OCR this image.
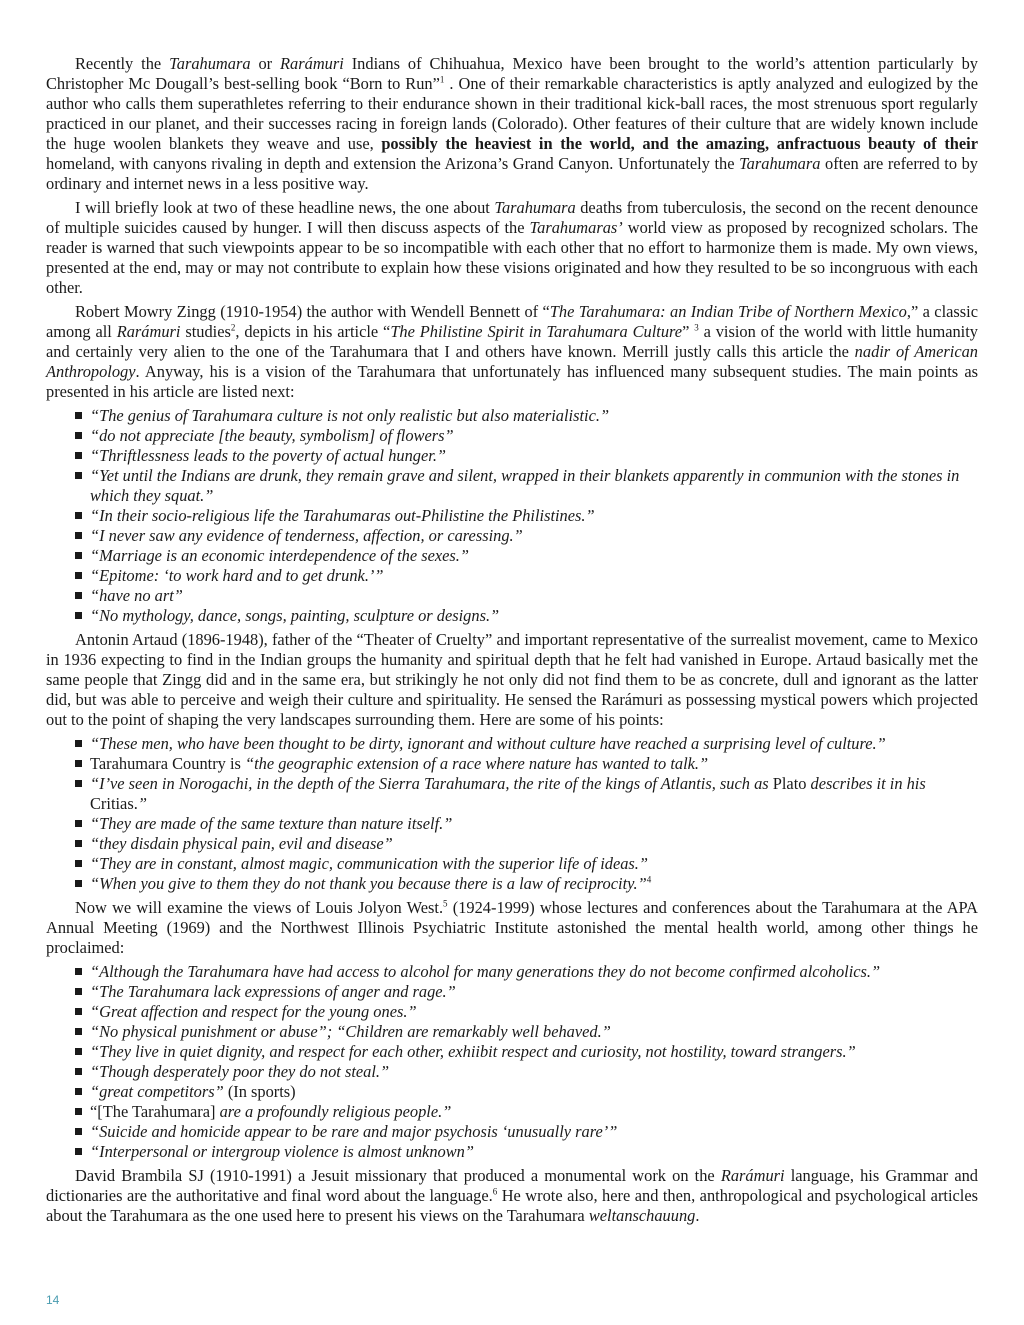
Recently the Tarahumara or Rarámuri Indians of Chihuahua, Mexico have been brought to the world’s attention particularly by Christopher Mc Dougall’s best-selling book “Born to Run”$^1$ . One of their remarkable characteristics is aptly analyzed and eulogized by the author who calls them superathletes referring to their endurance shown in their traditional kick-ball races, the most strenuous sport regularly practiced in our planet, and their successes racing in foreign lands (Colorado). Other features of their culture that are widely known include the huge woolen blankets they weave and use, possibly the heaviest in the world, and the amazing, anfractuous beauty of their homeland, with canyons rivaling in depth and extension the Arizona’s Grand Canyon. Unfortunately the Tarahumara often are referred to by ordinary and internet news in a less positive way.

I will briefly look at two of these headline news, the one about Tarahumara deaths from tuberculosis, the second on the recent denounce of multiple suicides caused by hunger. I will then discuss aspects of the Tarahumaras’ world view as proposed by recognized scholars. The reader is warned that such viewpoints appear to be so incompatible with each other that no effort to harmonize them is made. My own views, presented at the end, may or may not contribute to explain how these visions originated and how they resulted to be so incongruous with each other.

Robert Mowry Zingg (1910-1954) the author with Wendell Bennett of “The Tarahumara: an Indian Tribe of Northern Mexico,” a classic among all Rarámuri studies$^2$, depicts in his article “The Philistine Spirit in Tarahumara Culture” $^3$ a vision of the world with little humanity and certainly very alien to the one of the Tarahumara that I and others have known. Merrill justly calls this article the nadir of American Anthropology. Anyway, his is a vision of the Tarahumara that unfortunately has influenced many subsequent studies. The main points as presented in his article are listed next:

“The genius of Tarahumara culture is not only realistic but also materialistic.”
“do not appreciate [the beauty, symbolism] of flowers”
“Thriftlessness leads to the poverty of actual hunger.”
“Yet until the Indians are drunk, they remain grave and silent, wrapped in their blankets apparently in communion with the stones in which they squat.”
“In their socio-religious life the Tarahumaras out-Philistine the Philistines.”
“I never saw any evidence of tenderness, affection, or caressing.”
“Marriage is an economic interdependence of the sexes.”
“Epitome: ‘to work hard and to get drunk.’”
“have no art”
“No mythology, dance, songs, painting, sculpture or designs.”

Antonin Artaud (1896-1948), father of the “Theater of Cruelty” and important representative of the surrealist movement, came to Mexico in 1936 expecting to find in the Indian groups the humanity and spiritual depth that he felt had vanished in Europe. Artaud basically met the same people that Zingg did and in the same era, but strikingly he not only did not find them to be as concrete, dull and ignorant as the latter did, but was able to perceive and weigh their culture and spirituality. He sensed the Rarámuri as possessing mystical powers which projected out to the point of shaping the very landscapes surrounding them. Here are some of his points:

“These men, who have been thought to be dirty, ignorant and without culture have reached a surprising level of culture.”
Tarahumara Country is “the geographic extension of a race where nature has wanted to talk.”
“I’ve seen in Norogachi, in the depth of the Sierra Tarahumara, the rite of the kings of Atlantis, such as Plato describes it in his Critias.”
“They are made of the same texture than nature itself.”
“they disdain physical pain, evil and disease”
“They are in constant, almost magic, communication with the superior life of ideas.”
“When you give to them they do not thank you because there is a law of reciprocity.”$^4$

Now we will examine the views of Louis Jolyon West.$^5$ (1924-1999) whose lectures and conferences about the Tarahumara at the APA Annual Meeting (1969) and the Northwest Illinois Psychiatric Institute astonished the mental health world, among other things he proclaimed:

“Although the Tarahumara have had access to alcohol for many generations they do not become confirmed alcoholics.”
“The Tarahumara lack expressions of anger and rage.”
“Great affection and respect for the young ones.”
“No physical punishment or abuse”; “Children are remarkably well behaved.”
“They live in quiet dignity, and respect for each other, exhiibit respect and curiosity, not hostility, toward strangers.”
“Though desperately poor they do not steal.”
“great competitors” (In sports)
“[The Tarahumara] are a profoundly religious people.”
“Suicide and homicide appear to be rare and major psychosis ‘unusually rare’”
“Interpersonal or intergroup violence is almost unknown”

David Brambila SJ (1910-1991) a Jesuit missionary that produced a monumental work on the Rarámuri language, his Grammar and dictionaries are the authoritative and final word about the language.$^6$ He wrote also, here and then, anthropological and psychological articles about the Tarahumara as the one used here to present his views on the Tarahumara weltanschauung.

14
